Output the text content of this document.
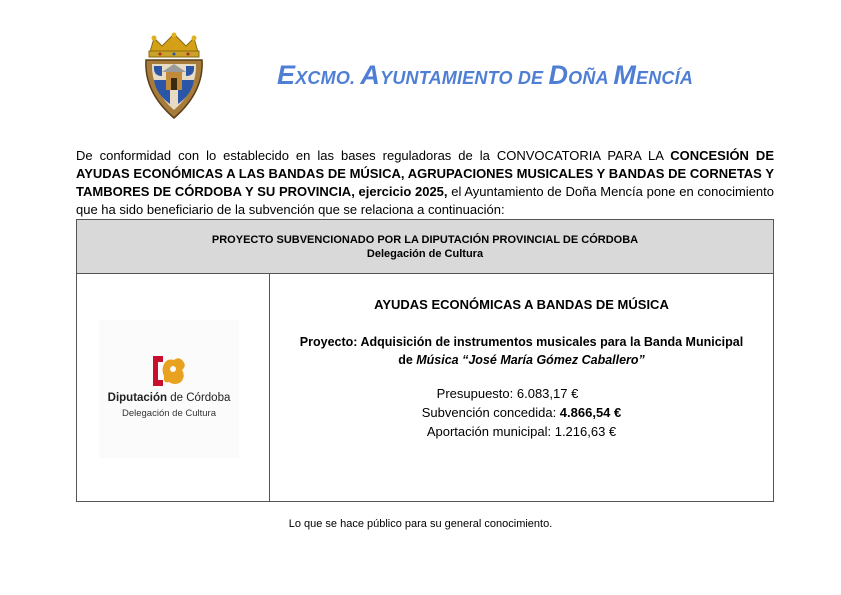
EXCMO. AYUNTAMIENTO DE DOÑA MENCÍA
De conformidad con lo establecido en las bases reguladoras de la CONVOCATORIA PARA LA CONCESIÓN DE AYUDAS ECONÓMICAS A LAS BANDAS DE MÚSICA, AGRUPACIONES MUSICALES Y BANDAS DE CORNETAS Y TAMBORES DE CÓRDOBA Y SU PROVINCIA, ejercicio 2025, el Ayuntamiento de Doña Mencía pone en conocimiento que ha sido beneficiario de la subvención que se relaciona a continuación:
PROYECTO SUBVENCIONADO POR LA DIPUTACIÓN PROVINCIAL DE CÓRDOBA
Delegación de Cultura
Diputación de Córdoba
Delegación de Cultura
AYUDAS ECONÓMICAS A BANDAS DE MÚSICA
Proyecto: Adquisición de instrumentos musicales para la Banda Municipal
de Música “José María Gómez Caballero”
Presupuesto: 6.083,17 €
Subvención concedida: 4.866,54 €
Aportación municipal: 1.216,63 €
Lo que se hace público para su general conocimiento.
